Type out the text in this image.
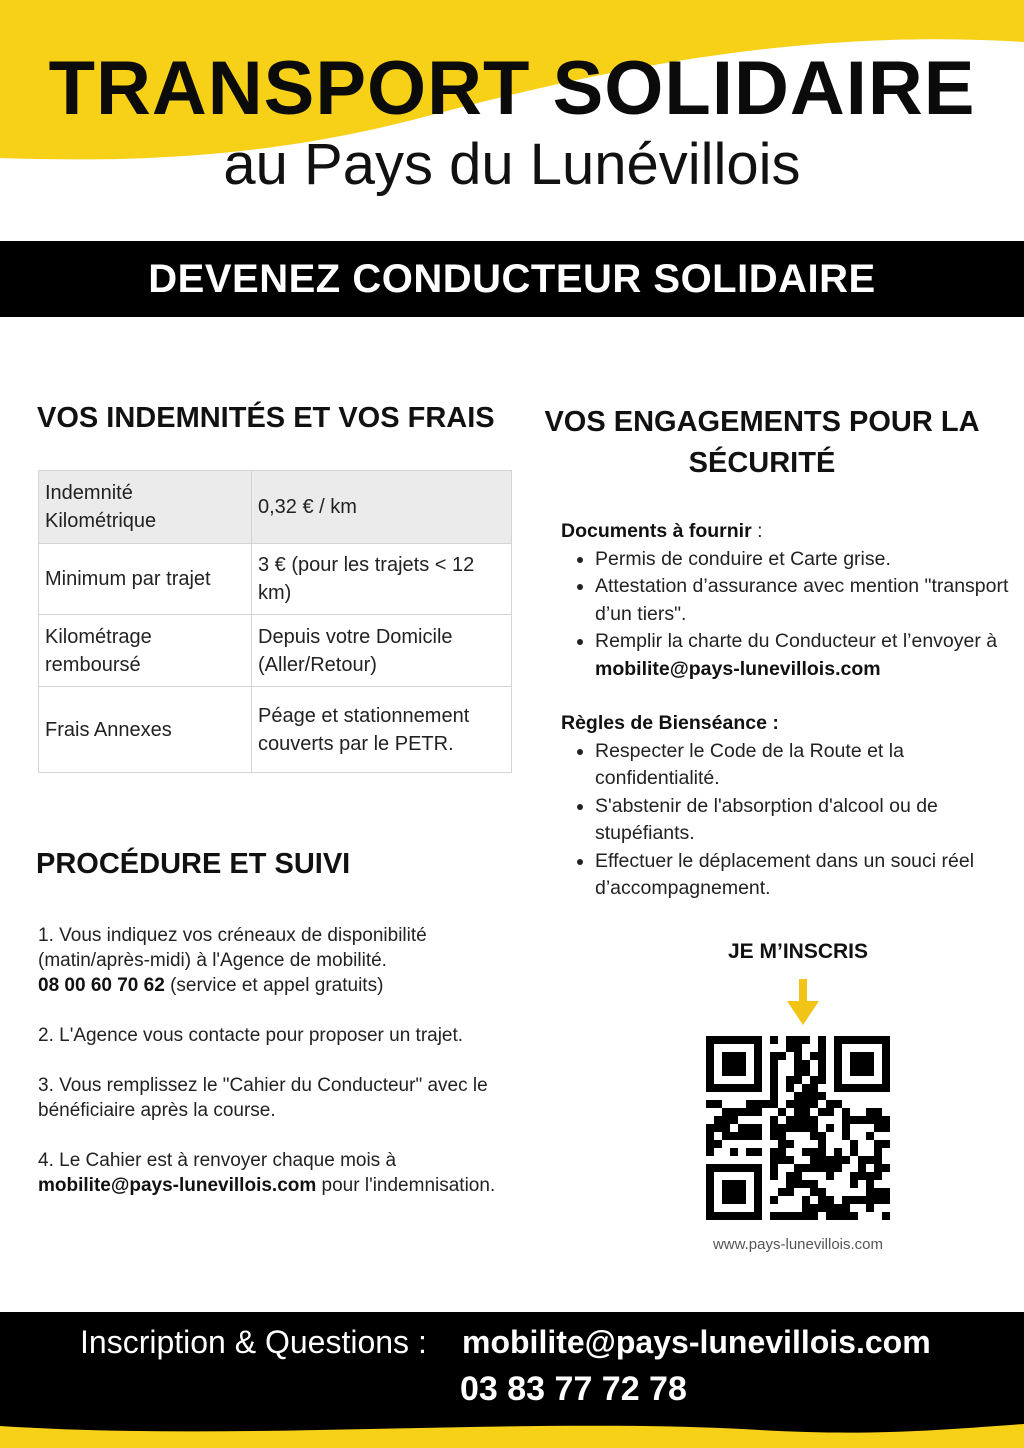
TRANSPORT SOLIDAIRE
au Pays du Lunévillois
DEVENEZ CONDUCTEUR SOLIDAIRE
VOS INDEMNITÉS ET VOS FRAIS
Indemnité Kilométrique	0,32 € / km
Minimum par trajet	3 € (pour les trajets < 12 km)
Kilométrage remboursé	Depuis votre Domicile (Aller/Retour)
Frais Annexes	Péage et stationnement couverts par le PETR.
PROCÉDURE ET SUIVI

1. Vous indiquez vos créneaux de disponibilité (matin/après-midi) à l'Agence de mobilité.
08 00 60 70 62 (service et appel gratuits)

2. L'Agence vous contacte pour proposer un trajet.

3. Vous remplissez le "Cahier du Conducteur" avec le bénéficiaire après la course.

4. Le Cahier est à renvoyer chaque mois à
mobilite@pays-lunevillois.com pour l'indemnisation.

VOS ENGAGEMENTS POUR LA SÉCURITÉ
Documents à fournir :
• Permis de conduire et Carte grise.
• Attestation d’assurance avec mention "transport d’un tiers".
• Remplir la charte du Conducteur et l’envoyer à mobilite@pays-lunevillois.com
Règles de Bienséance :
• Respecter le Code de la Route et la confidentialité.
• S'abstenir de l'absorption d'alcool ou de stupéfiants.
• Effectuer le déplacement dans un souci réel d’accompagnement.
JE M’INSCRIS
www.pays-lunevillois.com
Inscription & Questions : mobilite@pays-lunevillois.com
03 83 77 72 78
